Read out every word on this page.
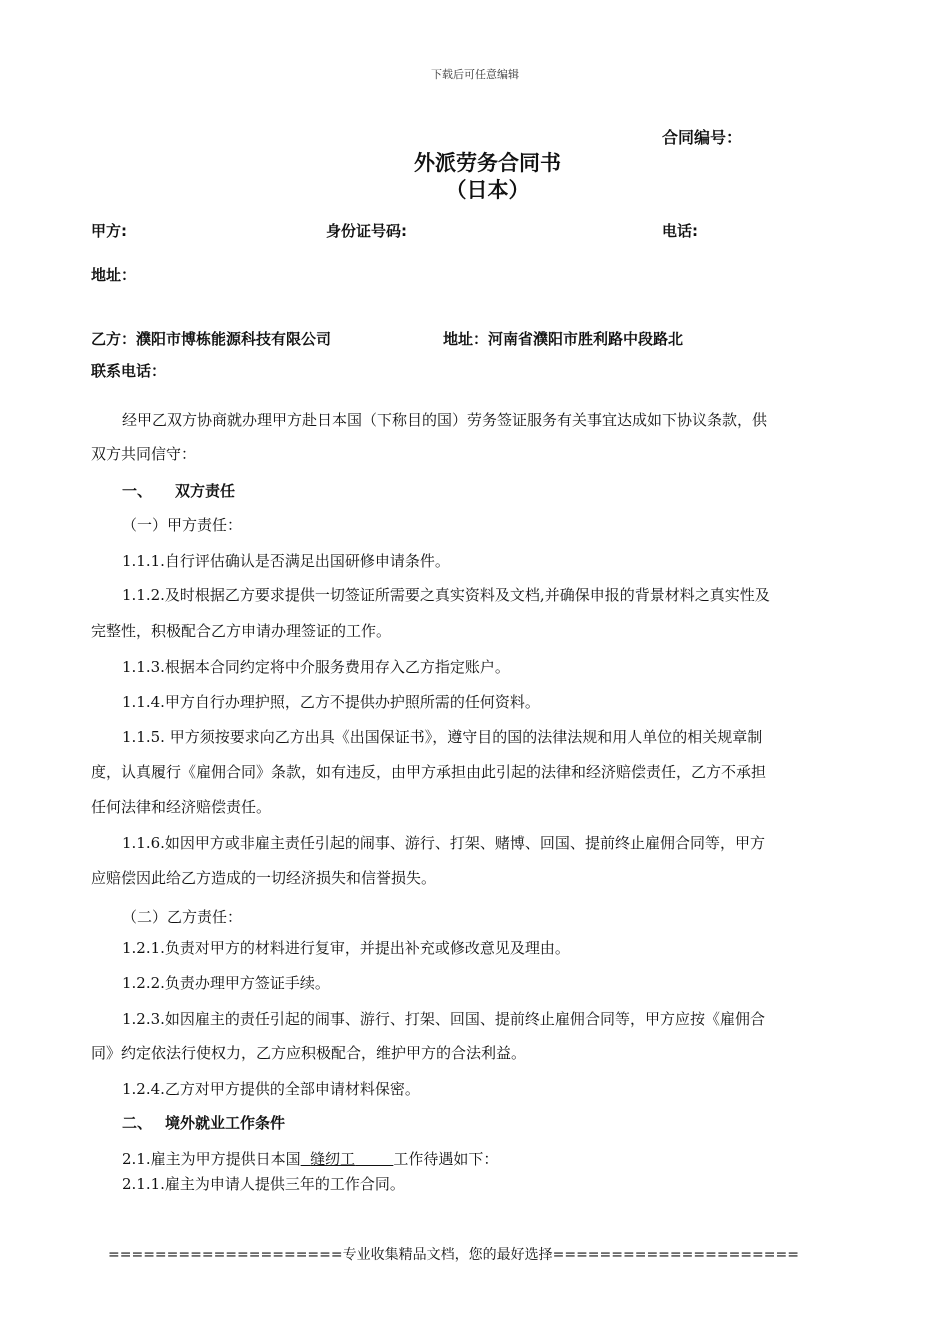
下载后可任意编辑
合同编号：
外派劳务合同书
（日本）
甲方:	身份证号码:	电话:
地址：
乙方：濮阳市博栋能源科技有限公司	地址：河南省濮阳市胜利路中段路北
联系电话：
经甲乙双方协商就办理甲方赴日本国（下称目的国）劳务签证服务有关事宜达成如下协议条款，供
双方共同信守：
一、 双方责任
（一）甲方责任：
1.1.1.自行评估确认是否满足出国研修申请条件。
1.1.2.及时根据乙方要求提供一切签证所需要之真实资料及文档,并确保申报的背景材料之真实性及
完整性，积极配合乙方申请办理签证的工作。
1.1.3.根据本合同约定将中介服务费用存入乙方指定账户。
1.1.4.甲方自行办理护照，乙方不提供办护照所需的任何资料。
1.1.5. 甲方须按要求向乙方出具《出国保证书》，遵守目的国的法律法规和用人单位的相关规章制
度，认真履行《雇佣合同》条款，如有违反，由甲方承担由此引起的法律和经济赔偿责任，乙方不承担
任何法律和经济赔偿责任。
1.1.6.如因甲方或非雇主责任引起的闹事、游行、打架、赌博、回国、提前终止雇佣合同等，甲方
应赔偿因此给乙方造成的一切经济损失和信誉损失。
（二）乙方责任：
1.2.1.负责对甲方的材料进行复审，并提出补充或修改意见及理由。
1.2.2.负责办理甲方签证手续。
1.2.3.如因雇主的责任引起的闹事、游行、打架、回国、提前终止雇佣合同等，甲方应按《雇佣合
同》约定依法行使权力，乙方应积极配合，维护甲方的合法利益。
1.2.4.乙方对甲方提供的全部申请材料保密。
二、 境外就业工作条件
2.1.雇主为甲方提供日本国 缝纫工	工作待遇如下：
2.1.1.雇主为申请人提供三年的工作合同。
====================专业收集精品文档，您的最好选择=====================
